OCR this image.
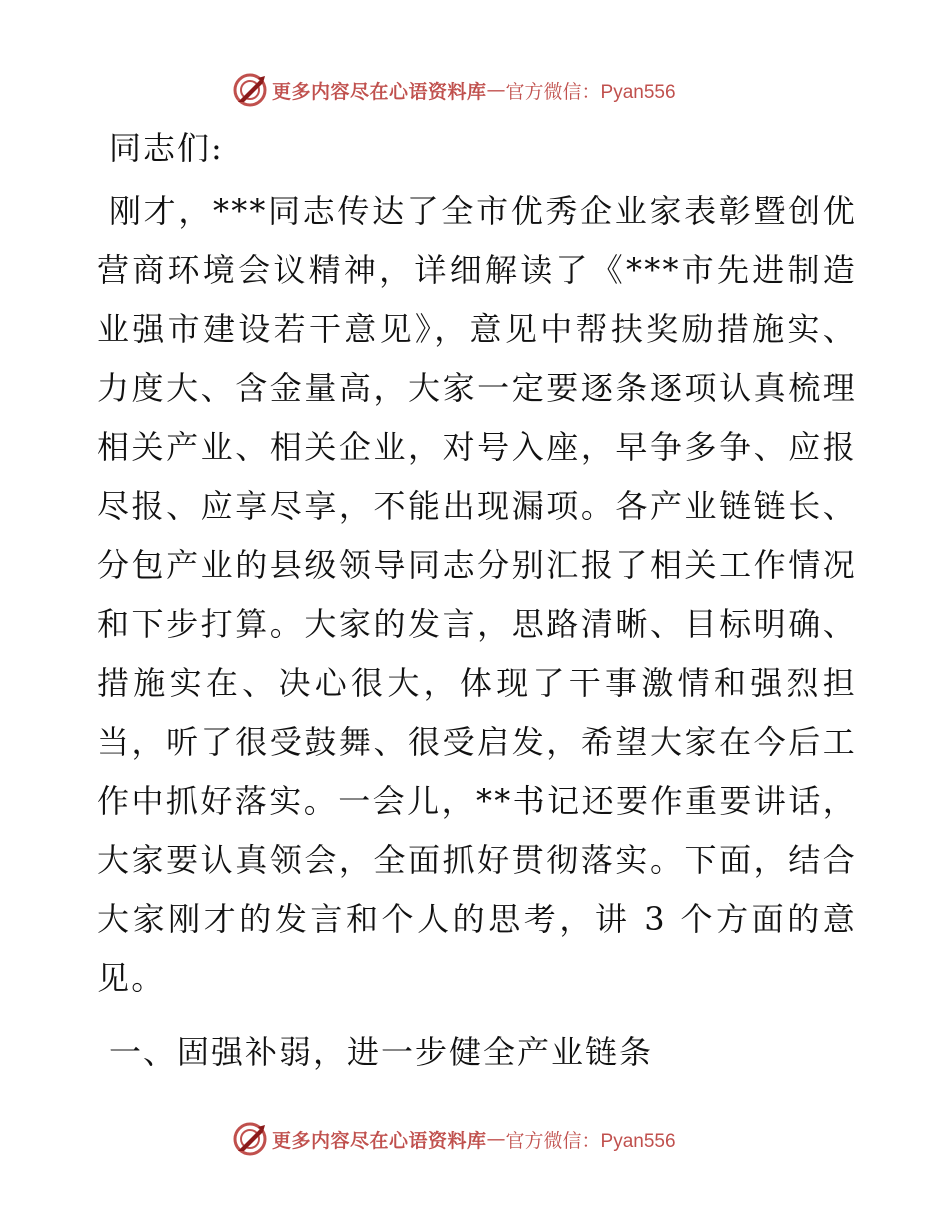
更多内容尽在心语资料库 — 官方微信：Pyan556

同志们:

刚才，***同志传达了全市优秀企业家表彰暨创优营商环境会议精神，详细解读了《***市先进制造业强市建设若干意见》，意见中帮扶奖励措施实、力度大、含金量高，大家一定要逐条逐项认真梳理相关产业、相关企业，对号入座，早争多争、应报尽报、应享尽享，不能出现漏项。各产业链链长、分包产业的县级领导同志分别汇报了相关工作情况和下步打算。大家的发言，思路清晰、目标明确、措施实在、决心很大，体现了干事激情和强烈担当，听了很受鼓舞、很受启发，希望大家在今后工作中抓好落实。一会儿，**书记还要作重要讲话，大家要认真领会，全面抓好贯彻落实。下面，结合大家刚才的发言和个人的思考，讲 3 个方面的意见。

一、固强补弱，进一步健全产业链条

更多内容尽在心语资料库 — 官方微信：Pyan556
